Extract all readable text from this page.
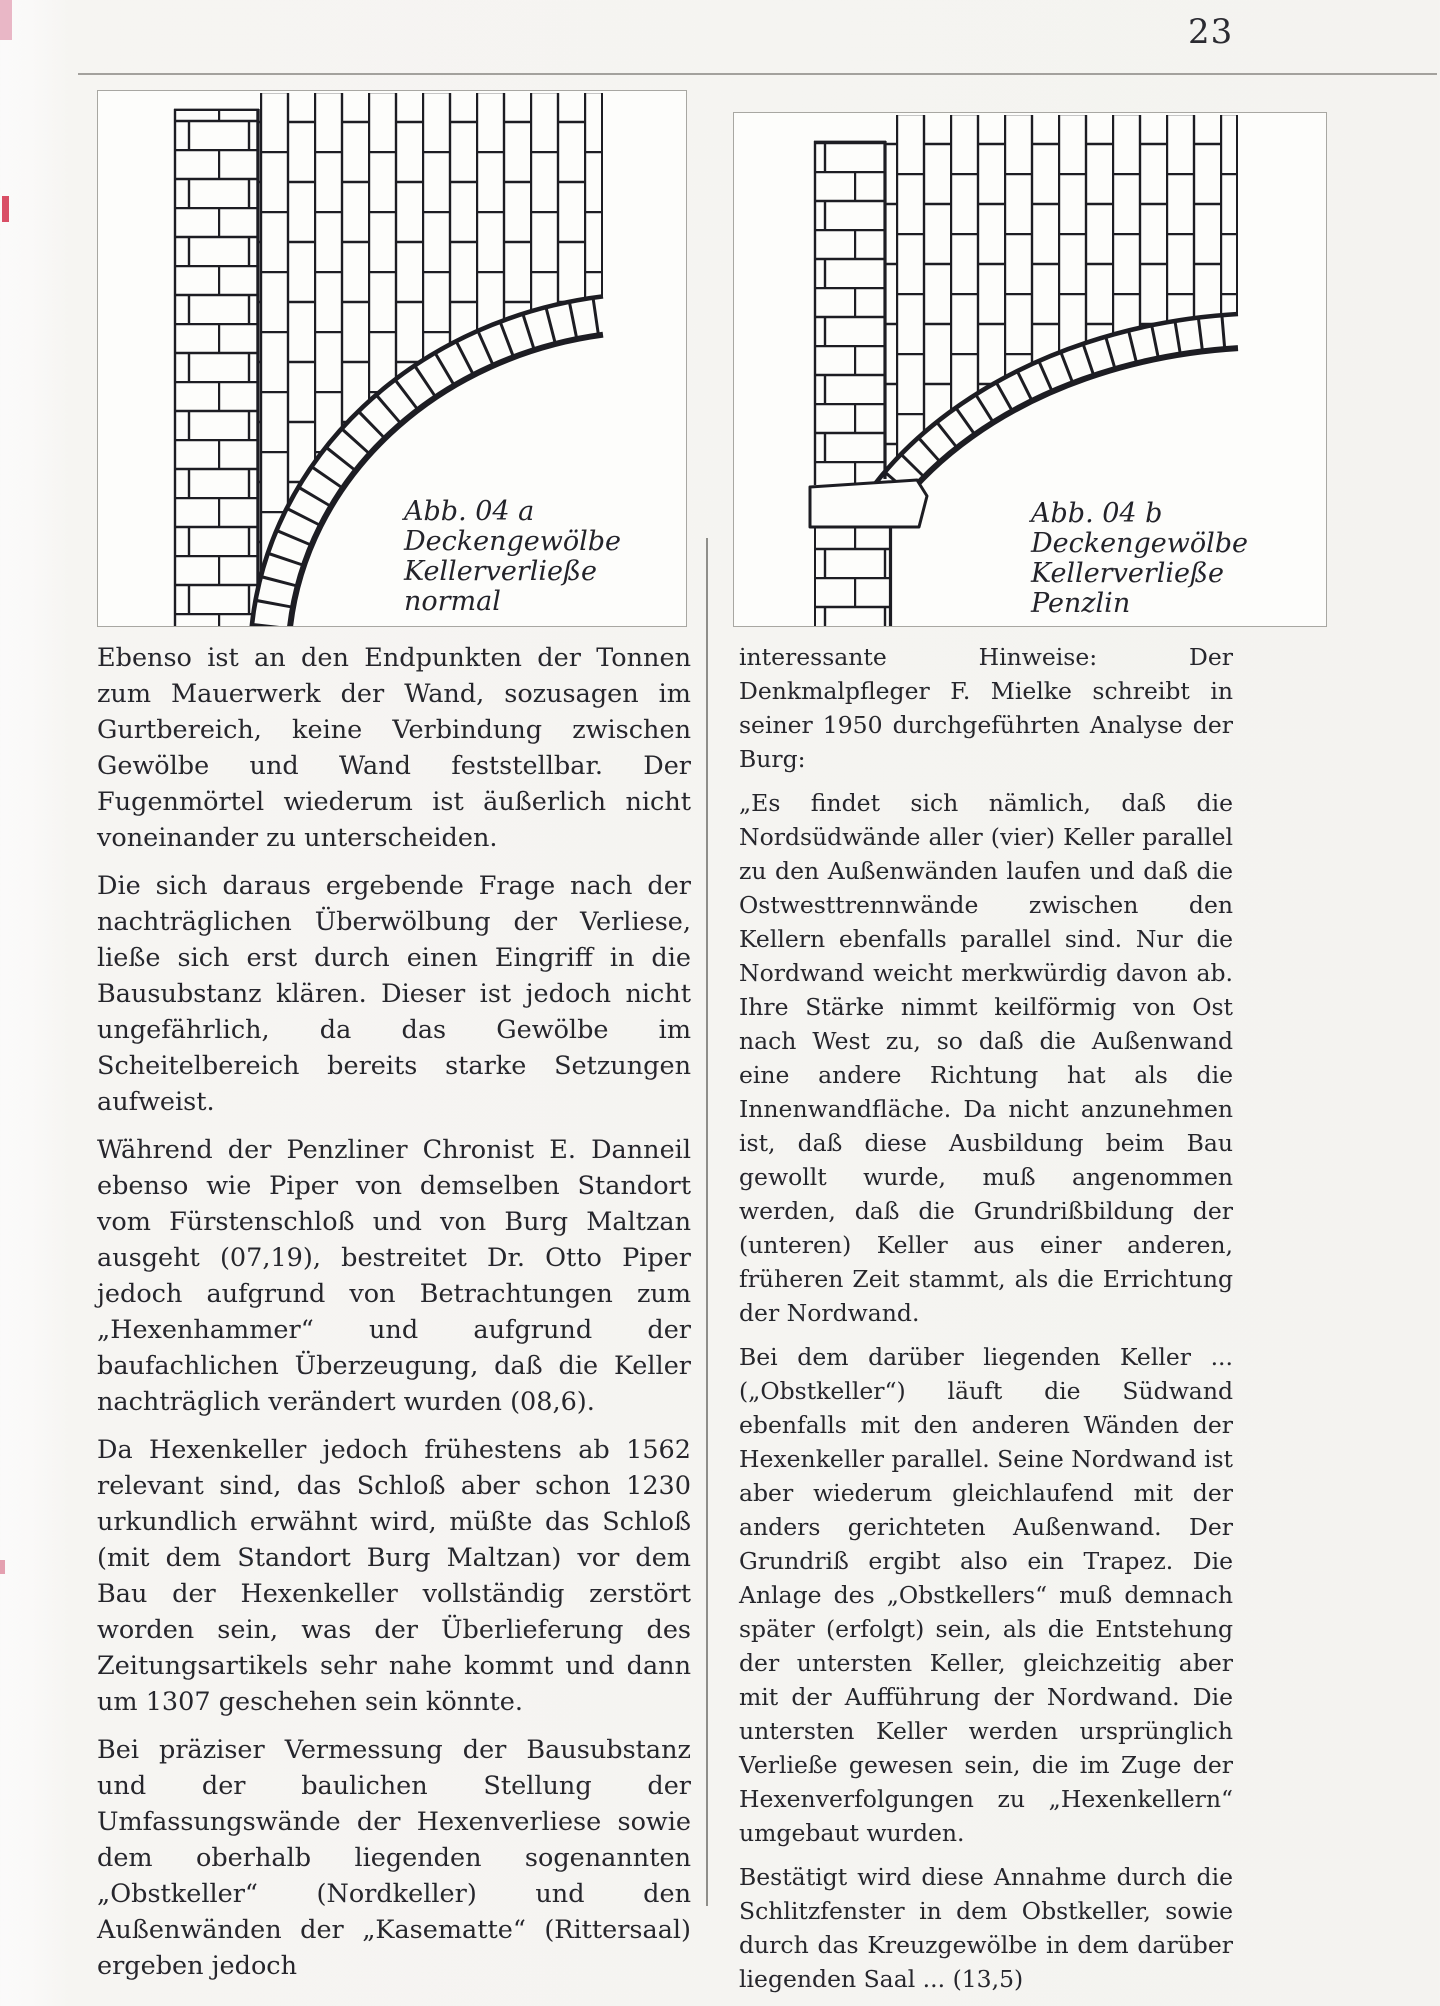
23
Abb. 04 a
Deckengewölbe
Kellerverließe
normal
Abb. 04 b
Deckengewölbe
Kellerverließe
Penzlin

Ebenso ist an den Endpunkten der Tonnen zum Mauerwerk der Wand, sozusagen im Gurtbereich, keine Verbindung zwischen Gewölbe und Wand feststellbar. Der Fugenmörtel wiederum ist äußerlich nicht voneinander zu unterscheiden.

Die sich daraus ergebende Frage nach der nachträglichen Überwölbung der Verliese, ließe sich erst durch einen Eingriff in die Bausubstanz klären. Dieser ist jedoch nicht ungefährlich, da das Gewölbe im Scheitelbereich bereits starke Setzungen aufweist.

Während der Penzliner Chronist E. Danneil ebenso wie Piper von demselben Standort vom Fürstenschloß und von Burg Maltzan ausgeht (07,19), bestreitet Dr. Otto Piper jedoch aufgrund von Betrachtungen zum „Hexenhammer“ und aufgrund der baufachlichen Überzeugung, daß die Keller nachträglich verändert wurden (08,6).

Da Hexenkeller jedoch frühestens ab 1562 relevant sind, das Schloß aber schon 1230 urkundlich erwähnt wird, müßte das Schloß (mit dem Standort Burg Maltzan) vor dem Bau der Hexenkeller vollständig zerstört worden sein, was der Überlieferung des Zeitungsartikels sehr nahe kommt und dann um 1307 geschehen sein könnte.

Bei präziser Vermessung der Bausubstanz und der baulichen Stellung der Umfassungswände der Hexenverliese sowie dem oberhalb liegenden sogenannten „Obstkeller“ (Nordkeller) und den Außenwänden der „Kasematte“ (Rittersaal) ergeben jedoch

interessante Hinweise: Der Denkmalpfleger F. Mielke schreibt in seiner 1950 durchgeführten Analyse der Burg:

„Es findet sich nämlich, daß die Nordsüdwände aller (vier) Keller parallel zu den Außenwänden laufen und daß die Ostwesttrennwände zwischen den Kellern ebenfalls parallel sind. Nur die Nordwand weicht merkwürdig davon ab. Ihre Stärke nimmt keilförmig von Ost nach West zu, so daß die Außenwand eine andere Richtung hat als die Innenwandfläche. Da nicht anzunehmen ist, daß diese Ausbildung beim Bau gewollt wurde, muß angenommen werden, daß die Grundrißbildung der (unteren) Keller aus einer anderen, früheren Zeit stammt, als die Errichtung der Nordwand.

Bei dem darüber liegenden Keller ... („Obstkeller“) läuft die Südwand ebenfalls mit den anderen Wänden der Hexenkeller parallel. Seine Nordwand ist aber wiederum gleichlaufend mit der anders gerichteten Außenwand. Der Grundriß ergibt also ein Trapez. Die Anlage des „Obstkellers“ muß demnach später (erfolgt) sein, als die Entstehung der untersten Keller, gleichzeitig aber mit der Aufführung der Nordwand. Die untersten Keller werden ursprünglich Verließe gewesen sein, die im Zuge der Hexenverfolgungen zu „Hexenkellern“ umgebaut wurden.

Bestätigt wird diese Annahme durch die Schlitzfenster in dem Obstkeller, sowie durch das Kreuzgewölbe in dem darüber liegenden Saal ... (13,5)
